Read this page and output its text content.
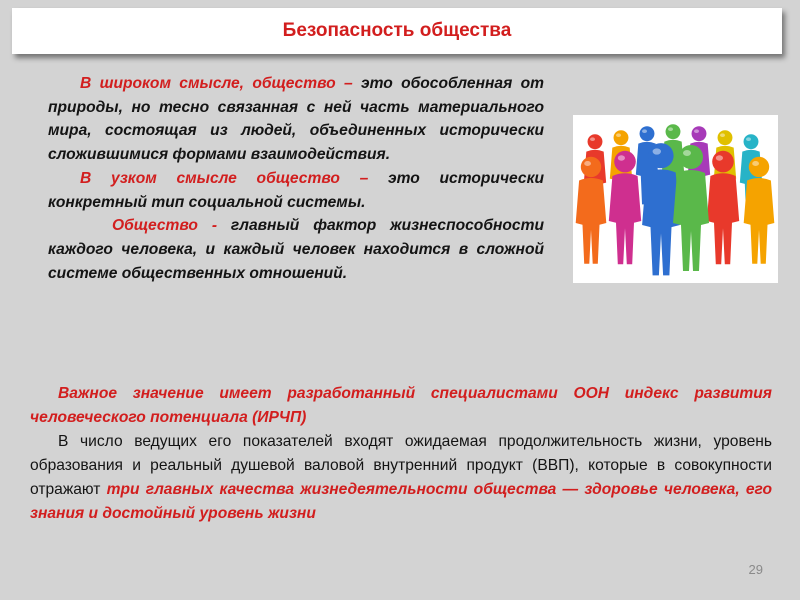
Безопасность общества

В широком смысле, общество – это обособленная от природы, но тесно связанная с ней часть материального мира, состоящая из людей, объединенных исторически сложившимися формами взаимодействия.

В узком смысле общество – это исторически конкретный тип социальной системы.

Общество - главный фактор жизнеспособности каждого человека, и каждый человек находится в сложной системе общественных отношений.

Важное значение имеет разработанный специалистами ООН индекс развития человеческого потенциала (ИРЧП)

В число ведущих его показателей входят ожидаемая продолжительность жизни, уровень образования и реальный душевой валовой внутренний продукт (ВВП), которые в совокупности отражают три главных качества жизнедеятельности общества — здоровье человека, его знания и достойный уровень жизни

29
